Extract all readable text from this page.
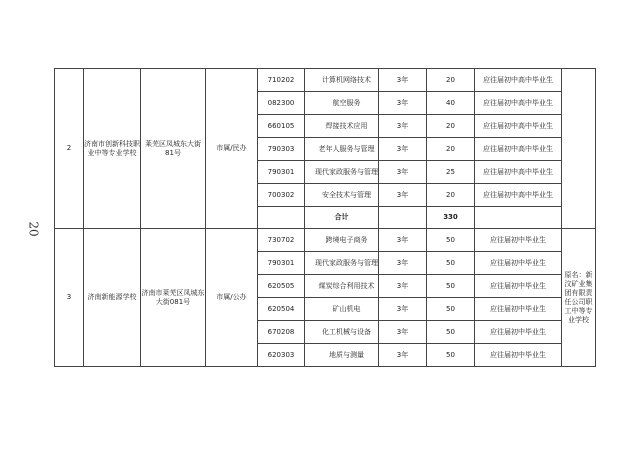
20
2	济南市创新科技职业中等专业学校	莱芜区凤城东大街81号	市属/民办	710202	计算机网络技术	3年	20	应往届初中高中毕业生	
				082300	航空服务	3年	40	应往届初中高中毕业生	
				660105	焊接技术应用	3年	20	应往届初中高中毕业生	
				790303	老年人服务与管理	3年	20	应往届初中高中毕业生	
				790301	现代家政服务与管理	3年	25	应往届初中高中毕业生	
				700302	安全技术与管理	3年	20	应往届初中高中毕业生	
					合计		330		
3	济南新能源学校	济南市莱芜区凤城东大街081号	市属/公办	730702	跨境电子商务	3年	50	应往届初中毕业生	原名：新汶矿业集团有限责任公司职工中等专业学校
				790301	现代家政服务与管理	3年	50	应往届初中毕业生	
				620505	煤炭综合利用技术	3年	50	应往届初中毕业生	
				620504	矿山机电	3年	50	应往届初中毕业生	
				670208	化工机械与设备	3年	50	应往届初中毕业生	
				620303	地质与测量	3年	50	应往届初中毕业生	
